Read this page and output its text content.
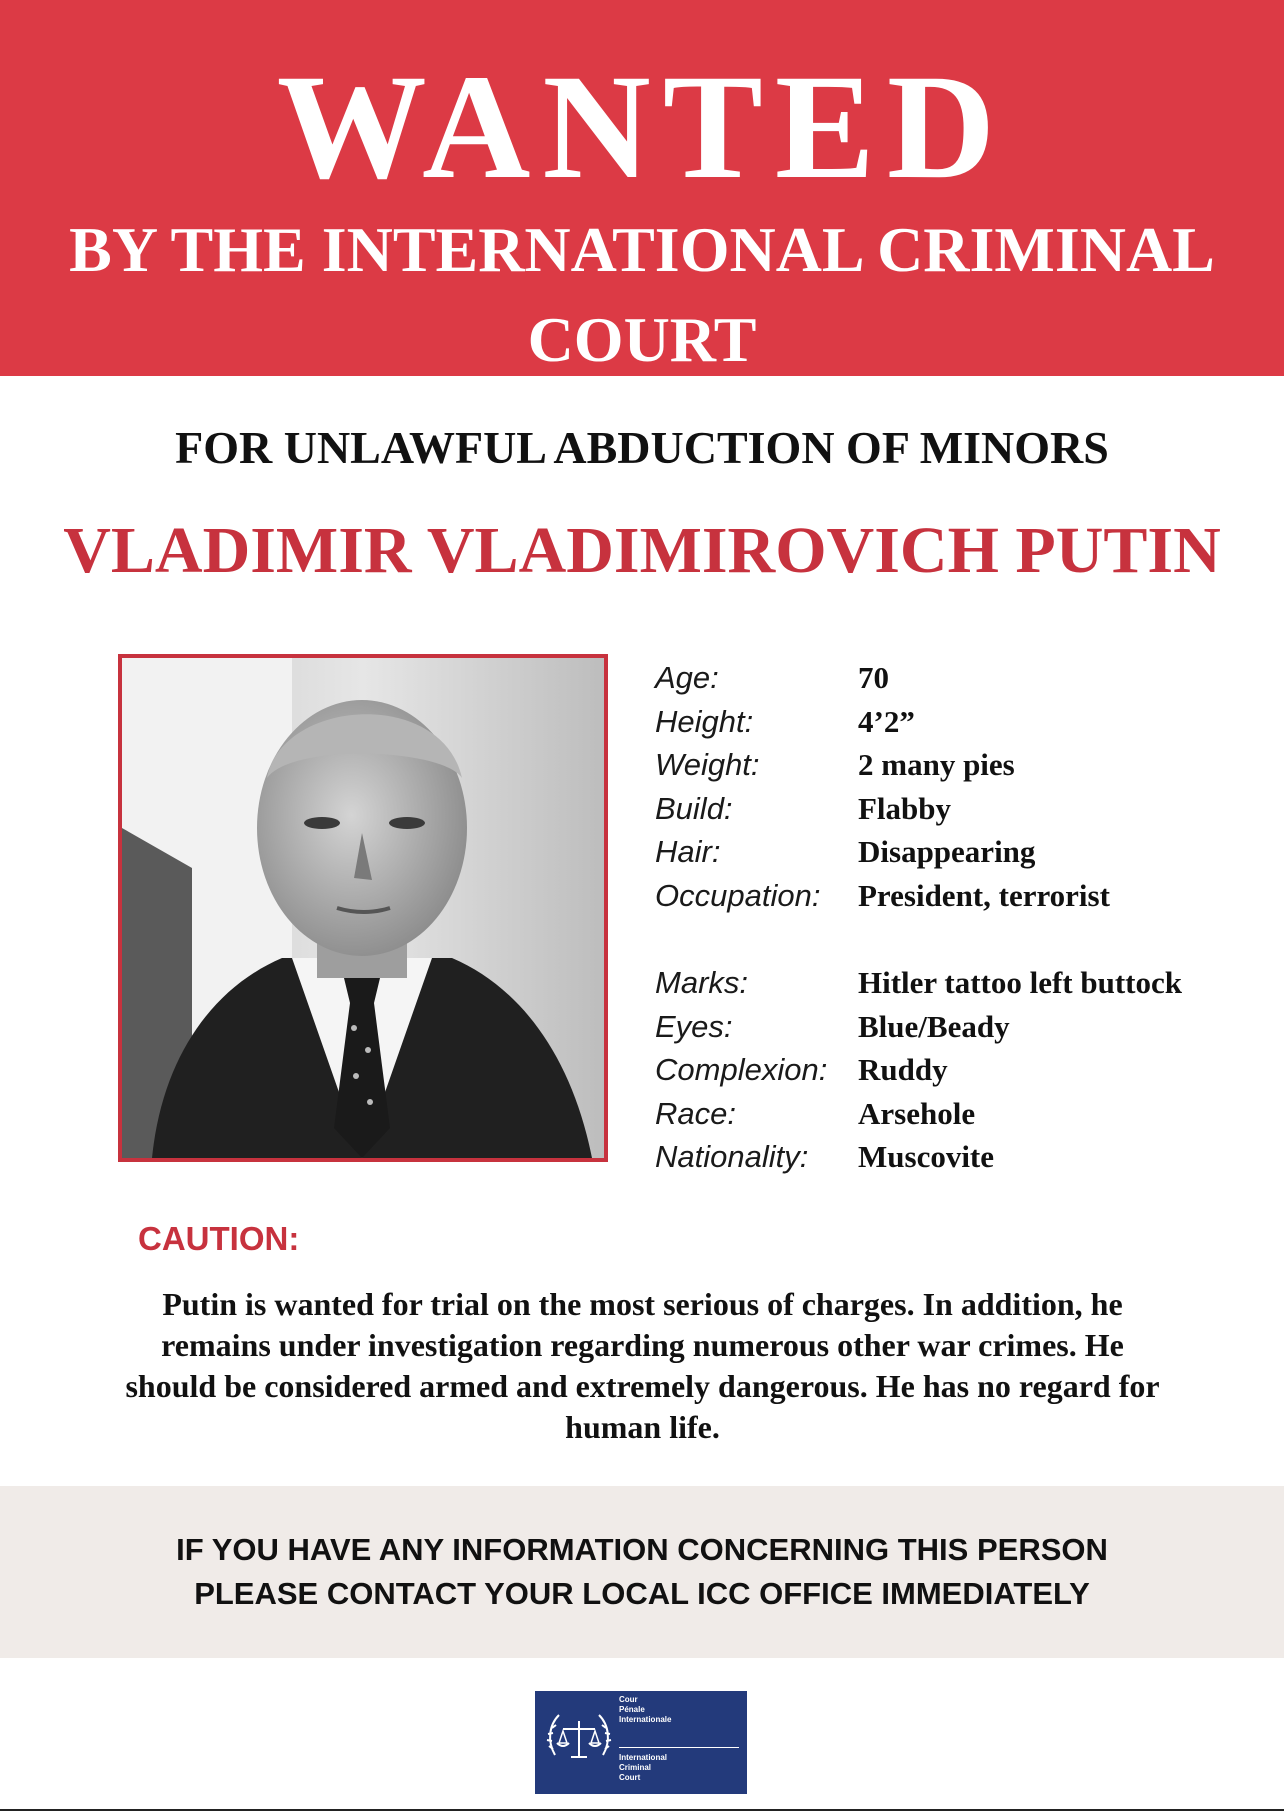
WANTED
BY THE INTERNATIONAL CRIMINAL COURT
FOR UNLAWFUL ABDUCTION OF MINORS
VLADIMIR VLADIMIROVICH PUTIN
Age:	70
Height:	4’2”
Weight:	2 many pies
Build:	Flabby
Hair:	Disappearing
Occupation:	President, terrorist
Marks:	Hitler tattoo left buttock
Eyes:	Blue/Beady
Complexion: Ruddy
Race:	Arsehole
Nationality:	Muscovite
CAUTION:
Putin is wanted for trial on the most serious of charges. In addition, he remains under investigation regarding numerous other war crimes. He should be considered armed and extremely dangerous. He has no regard for human life.
IF YOU HAVE ANY INFORMATION CONCERNING THIS PERSON
PLEASE CONTACT YOUR LOCAL ICC OFFICE IMMEDIATELY
Cour
Pénale
Internationale
International
Criminal
Court
